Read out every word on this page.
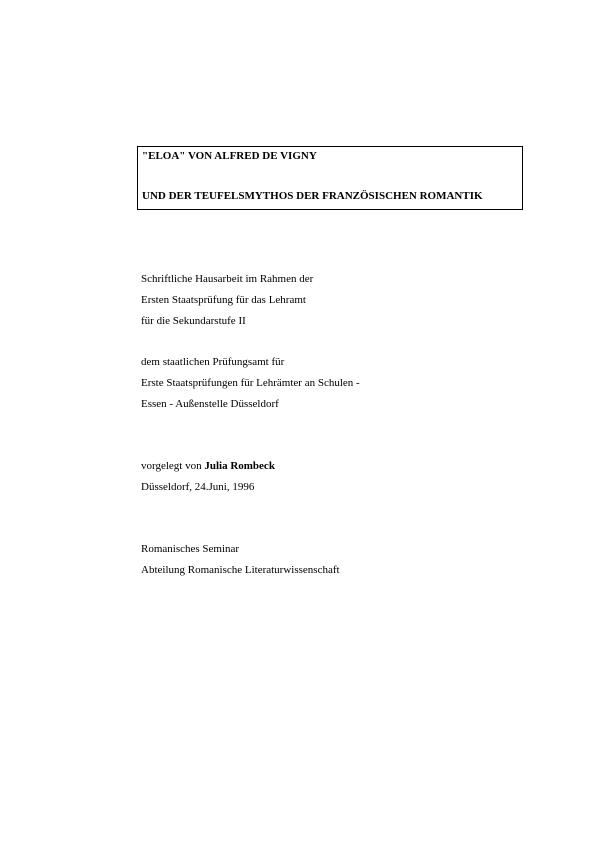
"ELOA" VON ALFRED DE VIGNY
UND DER TEUFELSMYTHOS DER FRANZÖSISCHEN ROMANTIK
Schriftliche Hausarbeit im Rahmen der
Ersten Staatsprüfung für das Lehramt
für die Sekundarstufe II
dem staatlichen Prüfungsamt für
Erste Staatsprüfungen für Lehrämter an Schulen -
Essen - Außenstelle Düsseldorf
vorgelegt von Julia Rombeck
Düsseldorf, 24.Juni, 1996
Romanisches Seminar
Abteilung Romanische Literaturwissenschaft
